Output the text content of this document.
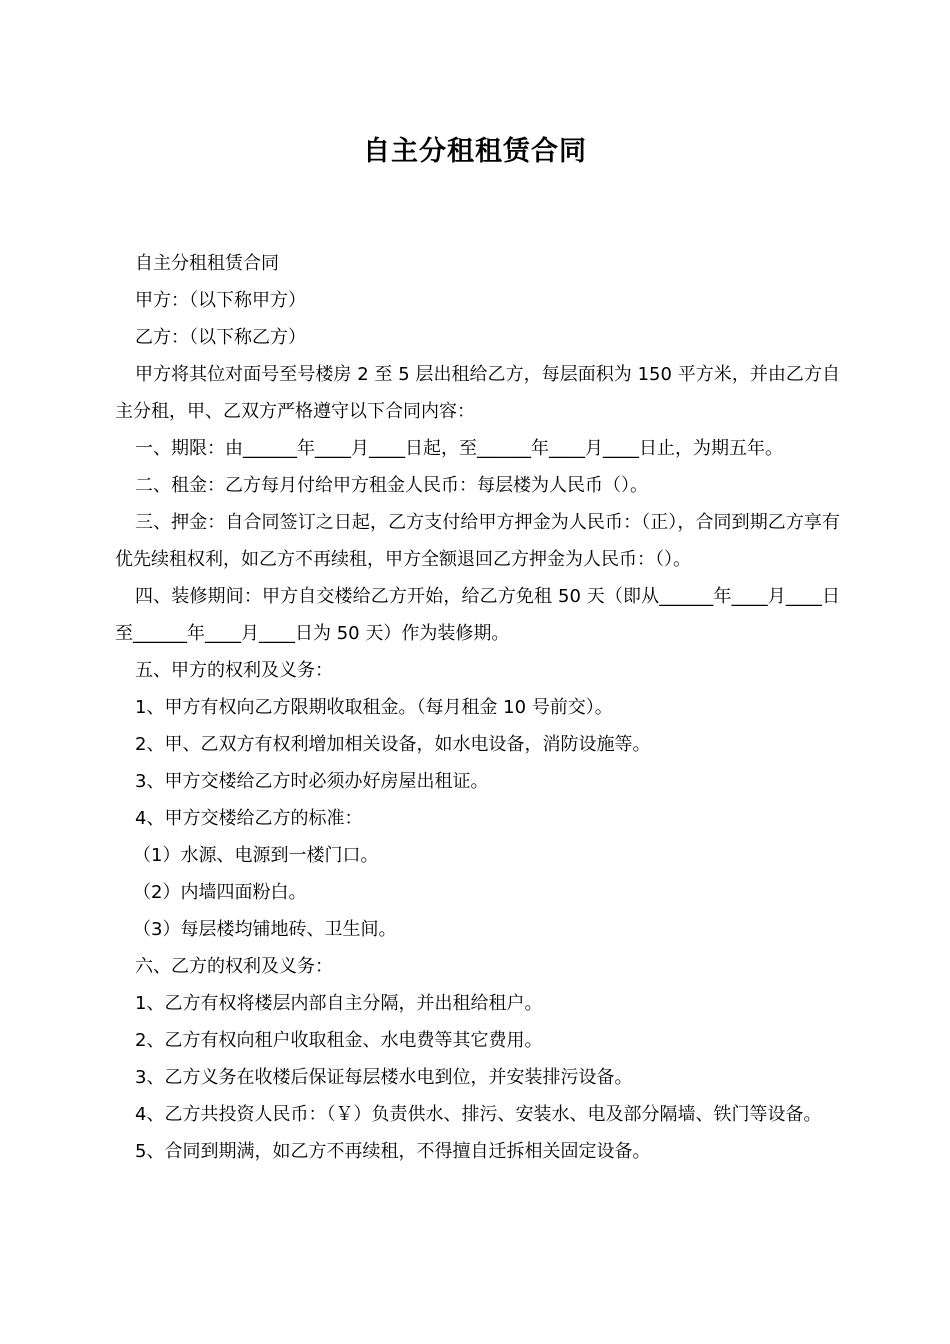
自主分租租赁合同

自主分租租赁合同

甲方：（以下称甲方）

乙方：（以下称乙方）

甲方将其位对面号至号楼房 2 至 5 层出租给乙方，每层面积为 150 平方米，并由乙方自主分租，甲、乙双方严格遵守以下合同内容：

一、期限：由______年____月____日起，至______年____月____日止，为期五年。

二、租金：乙方每月付给甲方租金人民币：每层楼为人民币（）。

三、押金：自合同签订之日起，乙方支付给甲方押金为人民币：（正），合同到期乙方享有优先续租权利，如乙方不再续租，甲方全额退回乙方押金为人民币：（）。

四、装修期间：甲方自交楼给乙方开始，给乙方免租 50 天（即从______年____月____日至______年____月____日为 50 天）作为装修期。

五、甲方的权利及义务：

1、甲方有权向乙方限期收取租金。（每月租金 10 号前交）。

2、甲、乙双方有权利增加相关设备，如水电设备，消防设施等。

3、甲方交楼给乙方时必须办好房屋出租证。

4、甲方交楼给乙方的标准：

（1）水源、电源到一楼门口。

（2）内墙四面粉白。

（3）每层楼均铺地砖、卫生间。

六、乙方的权利及义务：

1、乙方有权将楼层内部自主分隔，并出租给租户。

2、乙方有权向租户收取租金、水电费等其它费用。

3、乙方义务在收楼后保证每层楼水电到位，并安装排污设备。

4、乙方共投资人民币：（￥）负责供水、排污、安装水、电及部分隔墙、铁门等设备。

5、合同到期满，如乙方不再续租，不得擅自迁拆相关固定设备。
